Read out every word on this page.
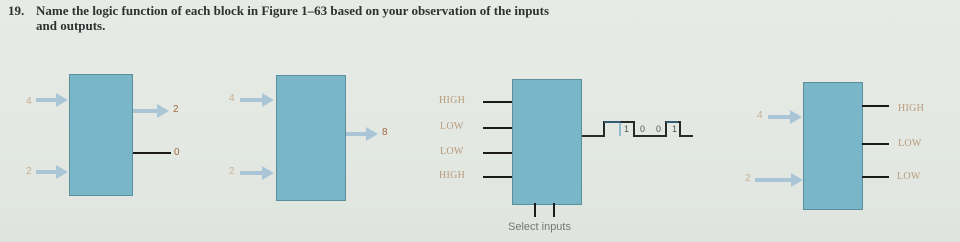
19. Name the logic function of each block in Figure 1–63 based on your observation of the inputs
and outputs.
4
2
2
0
4
2
8
HIGH
LOW
LOW
HIGH
Select inputs
1 0 0 1
4
2
HIGH
LOW
LOW
